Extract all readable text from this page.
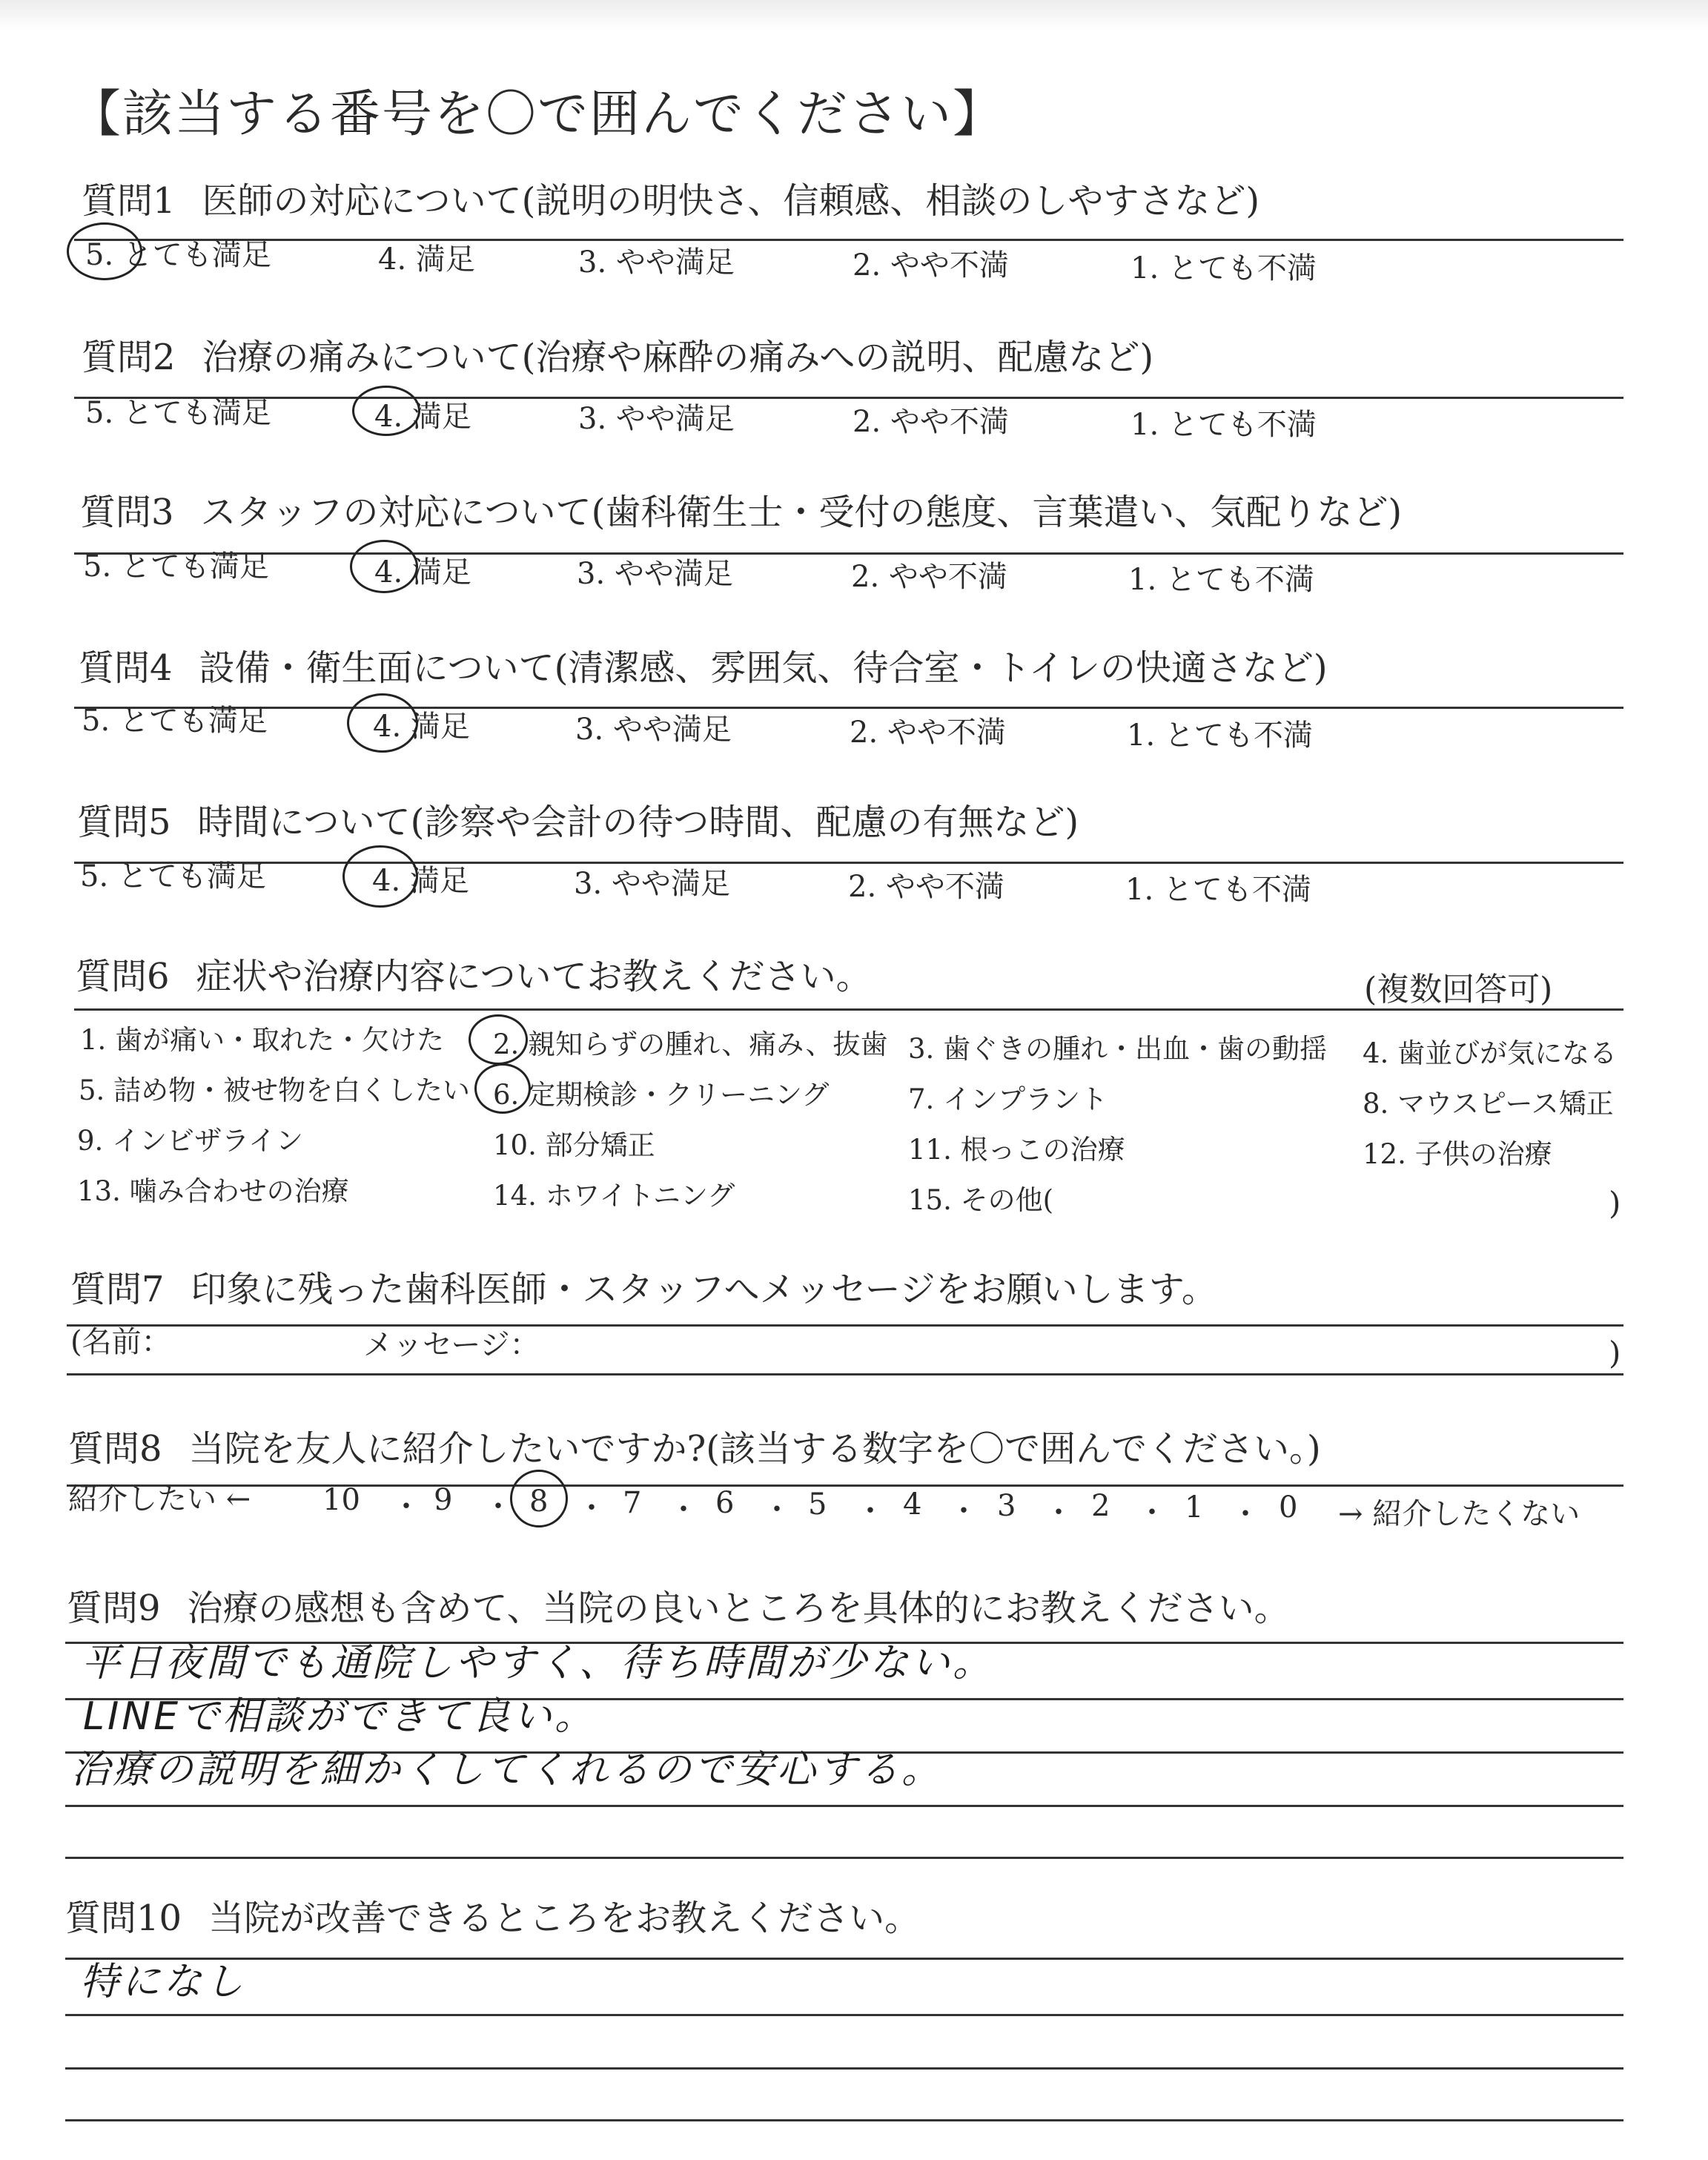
【該当する番号を〇で囲んでください】
質問1 医師の対応について(説明の明快さ、信頼感、相談のしやすさなど)
5. とても満足	4. 満足	3. やや満足	2. やや不満	1. とても不満
質問2 治療の痛みについて(治療や麻酔の痛みへの説明、配慮など)
5. とても満足	4. 満足	3. やや満足	2. やや不満	1. とても不満
質問3 スタッフの対応について(歯科衛生士・受付の態度、言葉遣い、気配りなど)
5. とても満足	4. 満足	3. やや満足	2. やや不満	1. とても不満
質問4 設備・衛生面について(清潔感、雰囲気、待合室・トイレの快適さなど)
5. とても満足	4. 満足	3. やや満足	2. やや不満	1. とても不満
質問5 時間について(診察や会計の待つ時間、配慮の有無など)
5. とても満足	4. 満足	3. やや満足	2. やや不満	1. とても不満
質問6 症状や治療内容についてお教えください。	(複数回答可)
1. 歯が痛い・取れた・欠けた 2. 親知らずの腫れ、痛み、抜歯 3. 歯ぐきの腫れ・出血・歯の動揺 4. 歯並びが気になる
5. 詰め物・被せ物を白くしたい 6. 定期検診・クリーニング	7. インプラント	8. マウスピース矯正
9. インビザライン	10. 部分矯正	11. 根っこの治療	12. 子供の治療
13. 噛み合わせの治療	14. ホワイトニング	15. その他(	)
質問7 印象に残った歯科医師・スタッフへメッセージをお願いします。
(名前：	メッセージ：	)
質問8 当院を友人に紹介したいですか?(該当する数字を〇で囲んでください。)
紹介したい ←	→ 紹介したくない
10 9	8	7 6 5	4	3	2	1	0
・ ・ ・ ・ ・ ・ ・ ・ ・ ・
質問9 治療の感想も含めて、当院の良いところを具体的にお教えください。
平日夜間でも通院しやすく、待ち時間が少ない。
LINEで相談ができて良い。
治療の説明を細かくしてくれるので安心する。
質問10 当院が改善できるところをお教えください。
特になし
